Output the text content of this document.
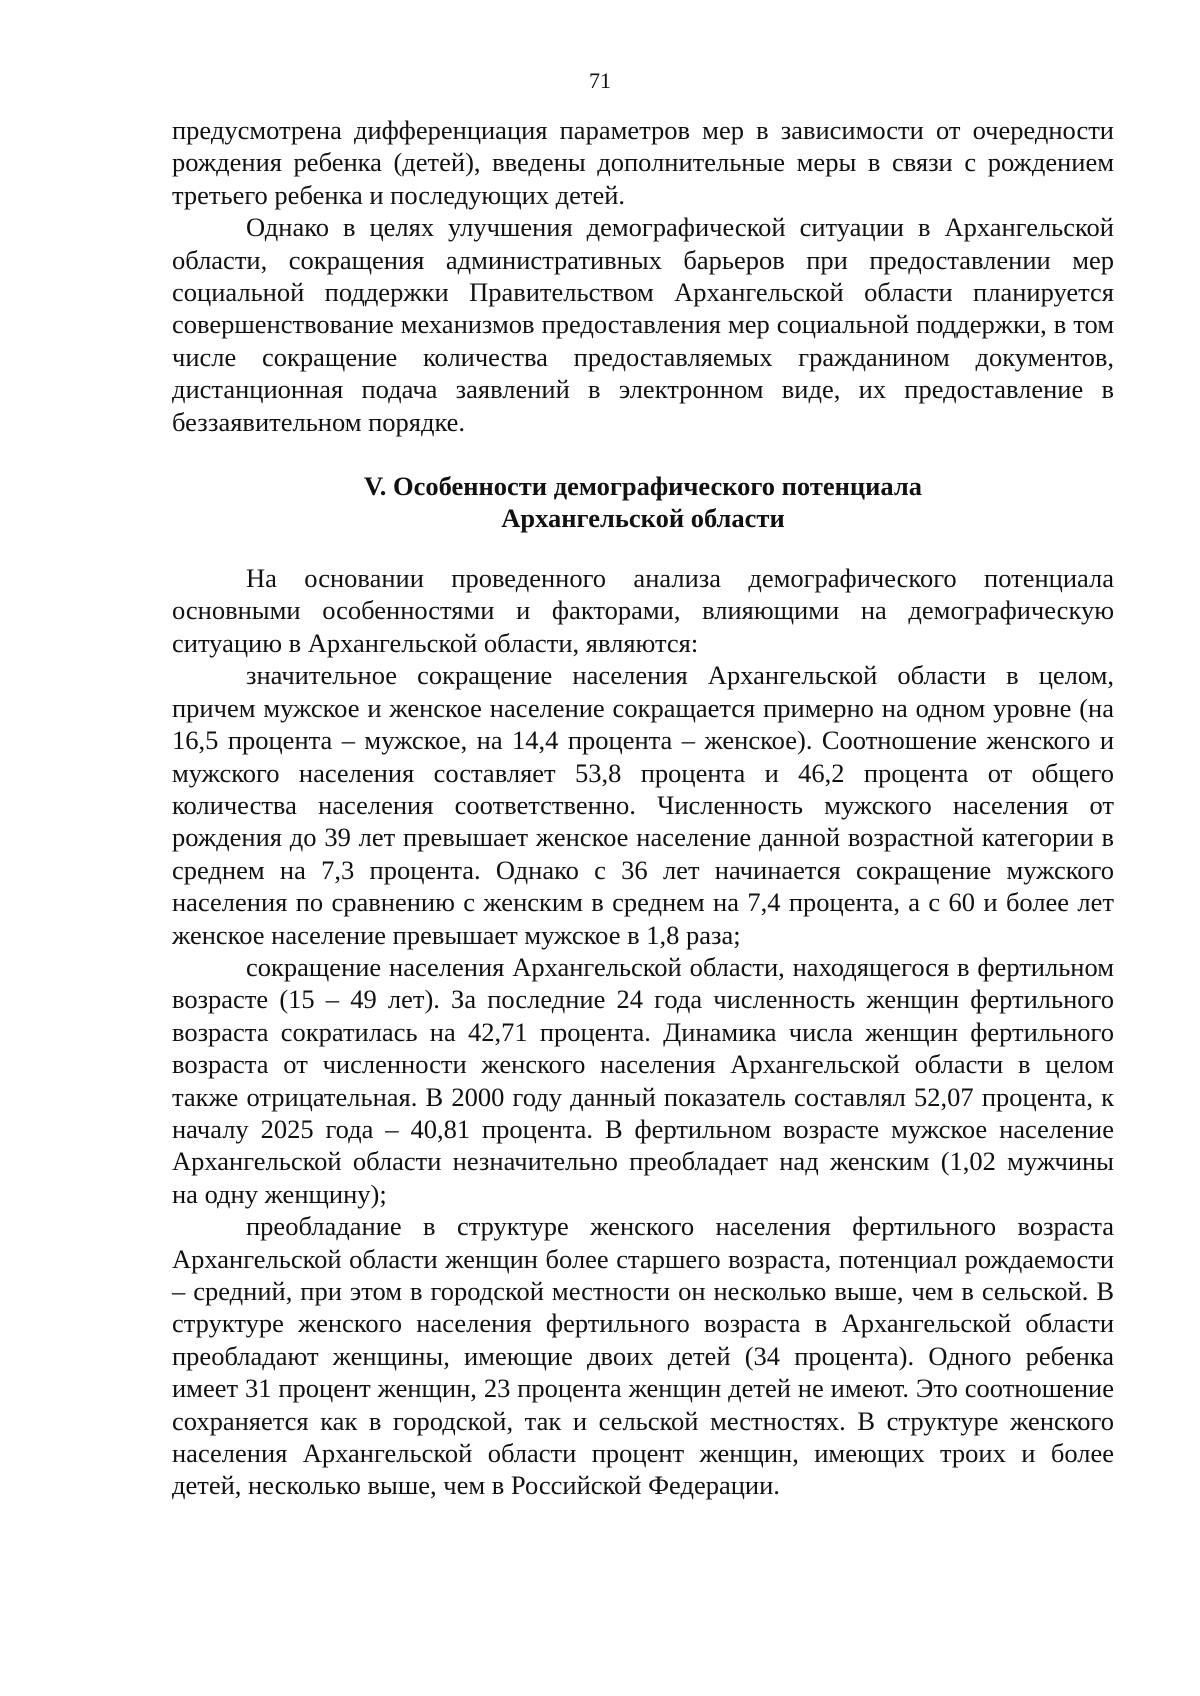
71

предусмотрена дифференциация параметров мер в зависимости от очередности рождения ребенка (детей), введены дополнительные меры в связи с рождением третьего ребенка и последующих детей.

Однако в целях улучшения демографической ситуации в Архангельской области, сокращения административных барьеров при предоставлении мер социальной поддержки Правительством Архангельской области планируется совершенствование механизмов предоставления мер социальной поддержки, в том числе сокращение количества предоставляемых гражданином документов, дистанционная подача заявлений в электронном виде, их предоставление в беззаявительном порядке.

V. Особенности демографического потенциала
Архангельской области

На основании проведенного анализа демографического потенциала основными особенностями и факторами, влияющими на демографическую ситуацию в Архангельской области, являются:

значительное сокращение населения Архангельской области в целом, причем мужское и женское население сокращается примерно на одном уровне (на 16,5 процента – мужское, на 14,4 процента – женское). Соотношение женского и мужского населения составляет 53,8 процента и 46,2 процента от общего количества населения соответственно. Численность мужского населения от рождения до 39 лет превышает женское население данной возрастной категории в среднем на 7,3 процента. Однако с 36 лет начинается сокращение мужского населения по сравнению с женским в среднем на 7,4 процента, а с 60 и более лет женское население превышает мужское в 1,8 раза;

сокращение населения Архангельской области, находящегося в фертильном возрасте (15 – 49 лет). За последние 24 года численность женщин фертильного возраста сократилась на 42,71 процента. Динамика числа женщин фертильного возраста от численности женского населения Архангельской области в целом также отрицательная. В 2000 году данный показатель составлял 52,07 процента, к началу 2025 года – 40,81 процента. В фертильном возрасте мужское население Архангельской области незначительно преобладает над женским (1,02 мужчины на одну женщину);

преобладание в структуре женского населения фертильного возраста Архангельской области женщин более старшего возраста, потенциал рождаемости – средний, при этом в городской местности он несколько выше, чем в сельской. В структуре женского населения фертильного возраста в Архангельской области преобладают женщины, имеющие двоих детей (34 процента). Одного ребенка имеет 31 процент женщин, 23 процента женщин детей не имеют. Это соотношение сохраняется как в городской, так и сельской местностях. В структуре женского населения Архангельской области процент женщин, имеющих троих и более детей, несколько выше, чем в Российской Федерации.
